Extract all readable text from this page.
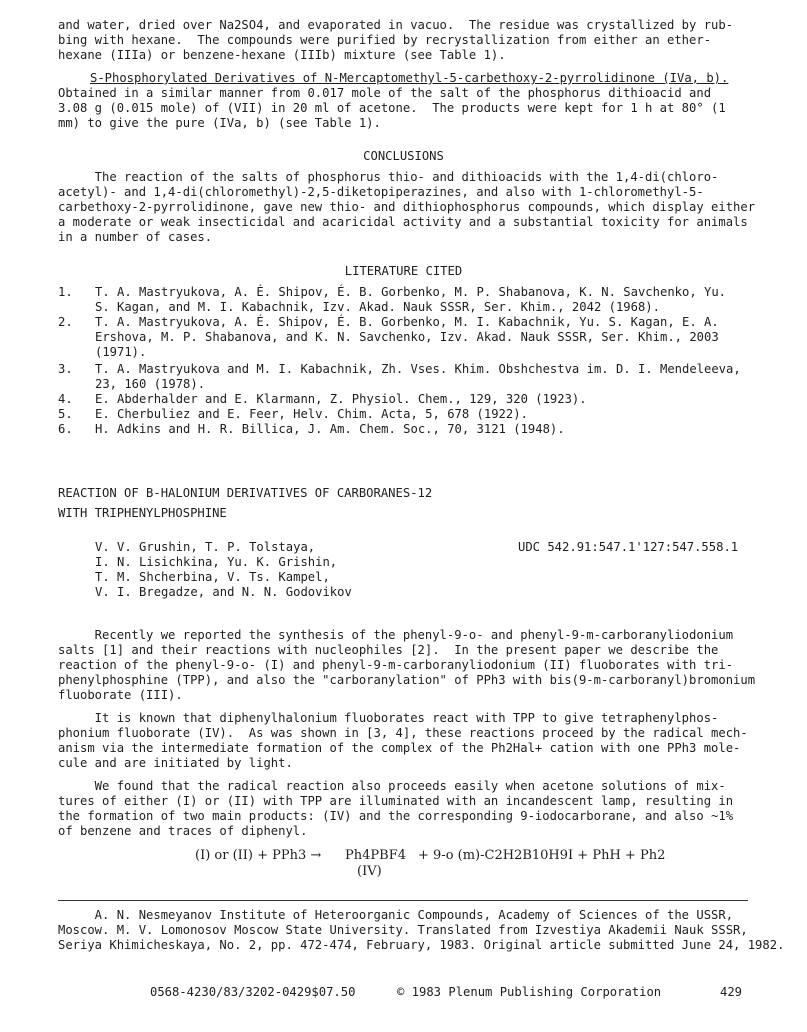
and water, dried over Na2SO4, and evaporated in vacuo.  The residue was crystallized by rub-
bing with hexane.  The compounds were purified by recrystallization from either an ether-
hexane (IIIa) or benzene-hexane (IIIb) mixture (see Table 1).
S-Phosphorylated Derivatives of N-Mercaptomethyl-5-carbethoxy-2-pyrrolidinone (IVa, b).
Obtained in a similar manner from 0.017 mole of the salt of the phosphorus dithioacid and
3.08 g (0.015 mole) of (VII) in 20 ml of acetone.  The products were kept for 1 h at 80° (1
mm) to give the pure (IVa, b) (see Table 1).
CONCLUSIONS
The reaction of the salts of phosphorus thio- and dithioacids with the 1,4-di(chloro-
acetyl)- and 1,4-di(chloromethyl)-2,5-diketopiperazines, and also with 1-chloromethyl-5-
carbethoxy-2-pyrrolidinone, gave new thio- and dithiophosphorus compounds, which display either
a moderate or weak insecticidal and acaricidal activity and a substantial toxicity for animals
in a number of cases.
LITERATURE CITED
1. T. A. Mastryukova, A. É. Shipov, É. B. Gorbenko, M. P. Shabanova, K. N. Savchenko, Yu.
S. Kagan, and M. I. Kabachnik, Izv. Akad. Nauk SSSR, Ser. Khim., 2042 (1968).
2. T. A. Mastryukova, A. É. Shipov, É. B. Gorbenko, M. I. Kabachnik, Yu. S. Kagan, E. A.
Ershova, M. P. Shabanova, and K. N. Savchenko, Izv. Akad. Nauk SSSR, Ser. Khim., 2003
(1971).
3. T. A. Mastryukova and M. I. Kabachnik, Zh. Vses. Khim. Obshchestva im. D. I. Mendeleeva,
23, 160 (1978).
4. E. Abderhalder and E. Klarmann, Z. Physiol. Chem., 129, 320 (1923).
5. E. Cherbuliez and E. Feer, Helv. Chim. Acta, 5, 678 (1922).
6. H. Adkins and H. R. Billica, J. Am. Chem. Soc., 70, 3121 (1948).
REACTION OF B-HALONIUM DERIVATIVES OF CARBORANES-12
WITH TRIPHENYLPHOSPHINE
V. V. Grushin, T. P. Tolstaya,
I. N. Lisichkina, Yu. K. Grishin,
T. M. Shcherbina, V. Ts. Kampel,
V. I. Bregadze, and N. N. Godovikov
UDC 542.91:547.1'127:547.558.1
Recently we reported the synthesis of the phenyl-9-o- and phenyl-9-m-carboranyliodonium
salts [1] and their reactions with nucleophiles [2].  In the present paper we describe the
reaction of the phenyl-9-o- (I) and phenyl-9-m-carboranyliodonium (II) fluoborates with tri-
phenylphosphine (TPP), and also the "carboranylation" of PPh3 with bis(9-m-carboranyl)bromonium
fluoborate (III).
It is known that diphenylhalonium fluoborates react with TPP to give tetraphenylphos-
phonium fluoborate (IV).  As was shown in [3, 4], these reactions proceed by the radical mech-
anism via the intermediate formation of the complex of the Ph2Hal+ cation with one PPh3 mole-
cule and are initiated by light.
We found that the radical reaction also proceeds easily when acetone solutions of mix-
tures of either (I) or (II) with TPP are illuminated with an incandescent lamp, resulting in
the formation of two main products: (IV) and the corresponding 9-iodocarborane, and also ~1%
of benzene and traces of diphenyl.
(I) or (II) + PPh3 → Ph4PBF4 + 9-o (m)-C2H2B10H9I + PhH + Ph2
(IV)
A. N. Nesmeyanov Institute of Heteroorganic Compounds, Academy of Sciences of the USSR,
Moscow. M. V. Lomonosov Moscow State University. Translated from Izvestiya Akademii Nauk SSSR,
Seriya Khimicheskaya, No. 2, pp. 472-474, February, 1983. Original article submitted June 24, 1982.
0568-4230/83/3202-0429$07.50	© 1983 Plenum Publishing Corporation	429
